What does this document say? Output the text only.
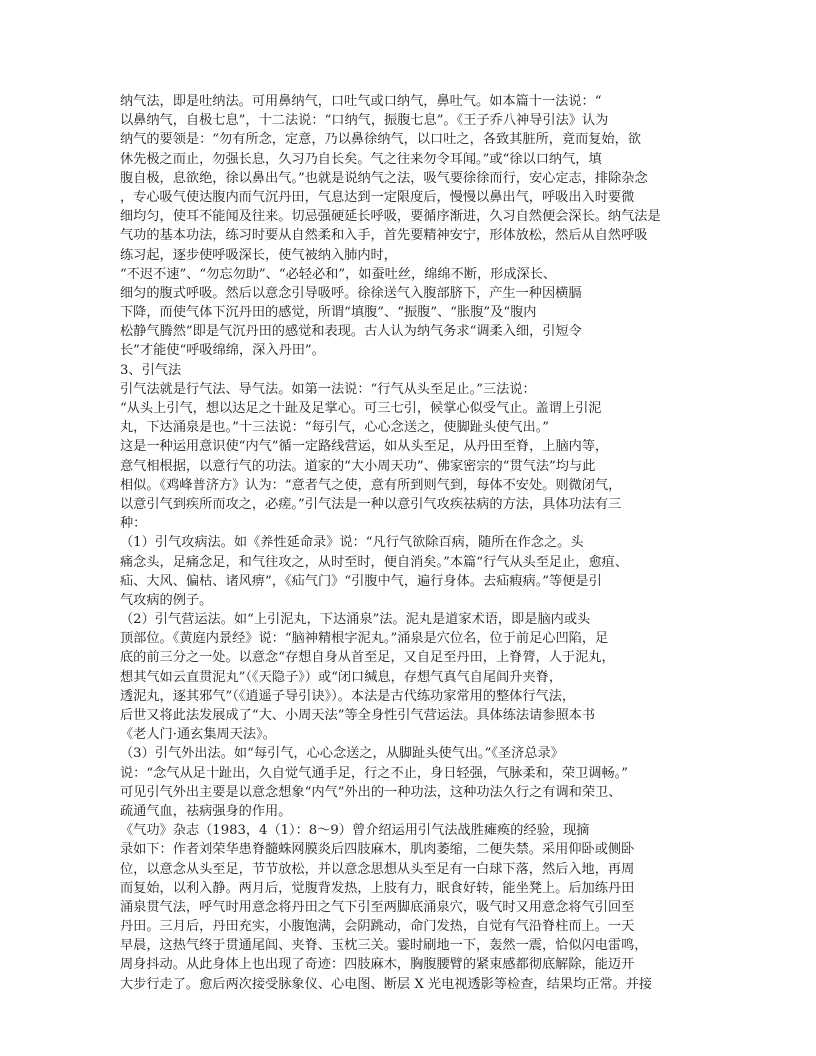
纳气法，即是吐纳法。可用鼻纳气，口吐气或口纳气，鼻吐气。如本篇十一法说：“
以鼻纳气，自极七息”，十二法说：“口纳气，振腹七息”。《王子乔八神导引法》认为
纳气的要领是：“勿有所念，定意，乃以鼻徐纳气，以口吐之，各致其脏所，竟而复始，欲
休先极之而止，勿强长息，久习乃自长矣。气之往来勿令耳闻。”或“徐以口纳气，填
腹自极，息欲绝，徐以鼻出气。”也就是说纳气之法，吸气要徐徐而行，安心定志，排除杂念
，专心吸气使达腹内而气沉丹田，气息达到一定限度后，慢慢以鼻出气，呼吸出入时要微
细均匀，使耳不能闻及往来。切忌强硬延长呼吸，要循序渐进，久习自然便会深长。纳气法是
气功的基本功法，练习时要从自然柔和入手，首先要精神安宁，形体放松，然后从自然呼吸
练习起，逐步使呼吸深长，使气被纳入肺内时，
“不迟不速”、“勿忘勿助”、“必轻必和”，如蚕吐丝，绵绵不断，形成深长、
细匀的腹式呼吸。然后以意念引导吸呼。徐徐送气入腹部脐下，产生一种因横膈
下降，而使气体下沉丹田的感觉，所谓“填腹”、“振腹”、“胀腹”及“腹内
松静气腾然”即是气沉丹田的感觉和表现。古人认为纳气务求“调柔入细，引短令
长”才能使“呼吸绵绵，深入丹田”。
3、引气法
引气法就是行气法、导气法。如第一法说：“行气从头至足止。”三法说：
“从头上引气，想以达足之十趾及足掌心。可三七引，候掌心似受气止。盖谓上引泥
丸，下达涌泉是也。”十三法说：“每引气，心心念送之，使脚趾头使气出。”
这是一种运用意识使“内气”循一定路线营运，如从头至足，从丹田至脊，上脑内等，
意气相根据，以意行气的功法。道家的“大小周天功”、佛家密宗的“贯气法”均与此
相似。《鸡峰普济方》认为：“意者气之使，意有所到则气到，每体不安处。则微闭气，
以意引气到疾所而攻之，必瘥。”引气法是一种以意引气攻疾祛病的方法，具体功法有三
种：
（1）引气攻病法。如《养性延命录》说：“凡行气欲除百病，随所在作念之。头
痛念头，足痛念足，和气往攻之，从时至时，便自消矣。”本篇“行气从头至足止，愈疽、
疝、大风、偏枯、诸风痹”，《疝气门》“引腹中气，遍行身体。去疝瘕病。”等便是引
气攻病的例子。
（2）引气营运法。如“上引泥丸，下达涌泉”法。泥丸是道家术语，即是脑内或头
顶部位。《黄庭内景经》说：“脑神精根字泥丸。”涌泉是穴位名，位于前足心凹陷，足
底的前三分之一处。以意念“存想自身从首至足，又自足至丹田，上脊膂，人于泥丸，
想其气如云直贯泥丸”（《天隐子》）或“闭口缄息，存想气真气自尾闾升夹脊，
透泥丸，逐其邪气”（《逍遥子导引诀》）。本法是古代练功家常用的整体行气法，
后世又将此法发展成了“大、小周天法”等全身性引气营运法。具体练法请参照本书
《老人门·通玄集周天法》。
（3）引气外出法。如“每引气，心心念送之，从脚趾头使气出。”《圣济总录》
说：“念气从足十趾出，久自觉气通手足，行之不止，身日轻强，气脉柔和，荣卫调畅。”
可见引气外出主要是以意念想象“内气”外出的一种功法，这种功法久行之有调和荣卫、
疏通气血，祛病强身的作用。
《气功》杂志（1983，4（1）：8～9）曾介绍运用引气法战胜瘫痪的经验，现摘
录如下：作者刘荣华患脊髓蛛网膜炎后四肢麻木，肌肉萎缩，二便失禁。采用仰卧或侧卧
位，以意念从头至足，节节放松，并以意念思想从头至足有一白球下落，然后入地，再周
而复始，以利入静。两月后，觉腹背发热，上肢有力，眠食好转，能坐凳上。后加练丹田
涌泉贯气法，呼气时用意念将丹田之气下引至两脚底涌泉穴，吸气时又用意念将气引回至
丹田。三月后，丹田充实，小腹饱满，会阴跳动，命门发热，自觉有气沿脊柱而上。一天
早晨，这热气终于贯通尾闾、夹脊、玉枕三关。霎时刷地一下，轰然一震，恰似闪电雷鸣，
周身抖动。从此身体上也出现了奇迹：四肢麻木，胸腹腰臂的紧束感都彻底解除，能迈开
大步行走了。愈后两次接受脉象仪、心电图、断层 X 光电视透影等检查，结果均正常。并接
